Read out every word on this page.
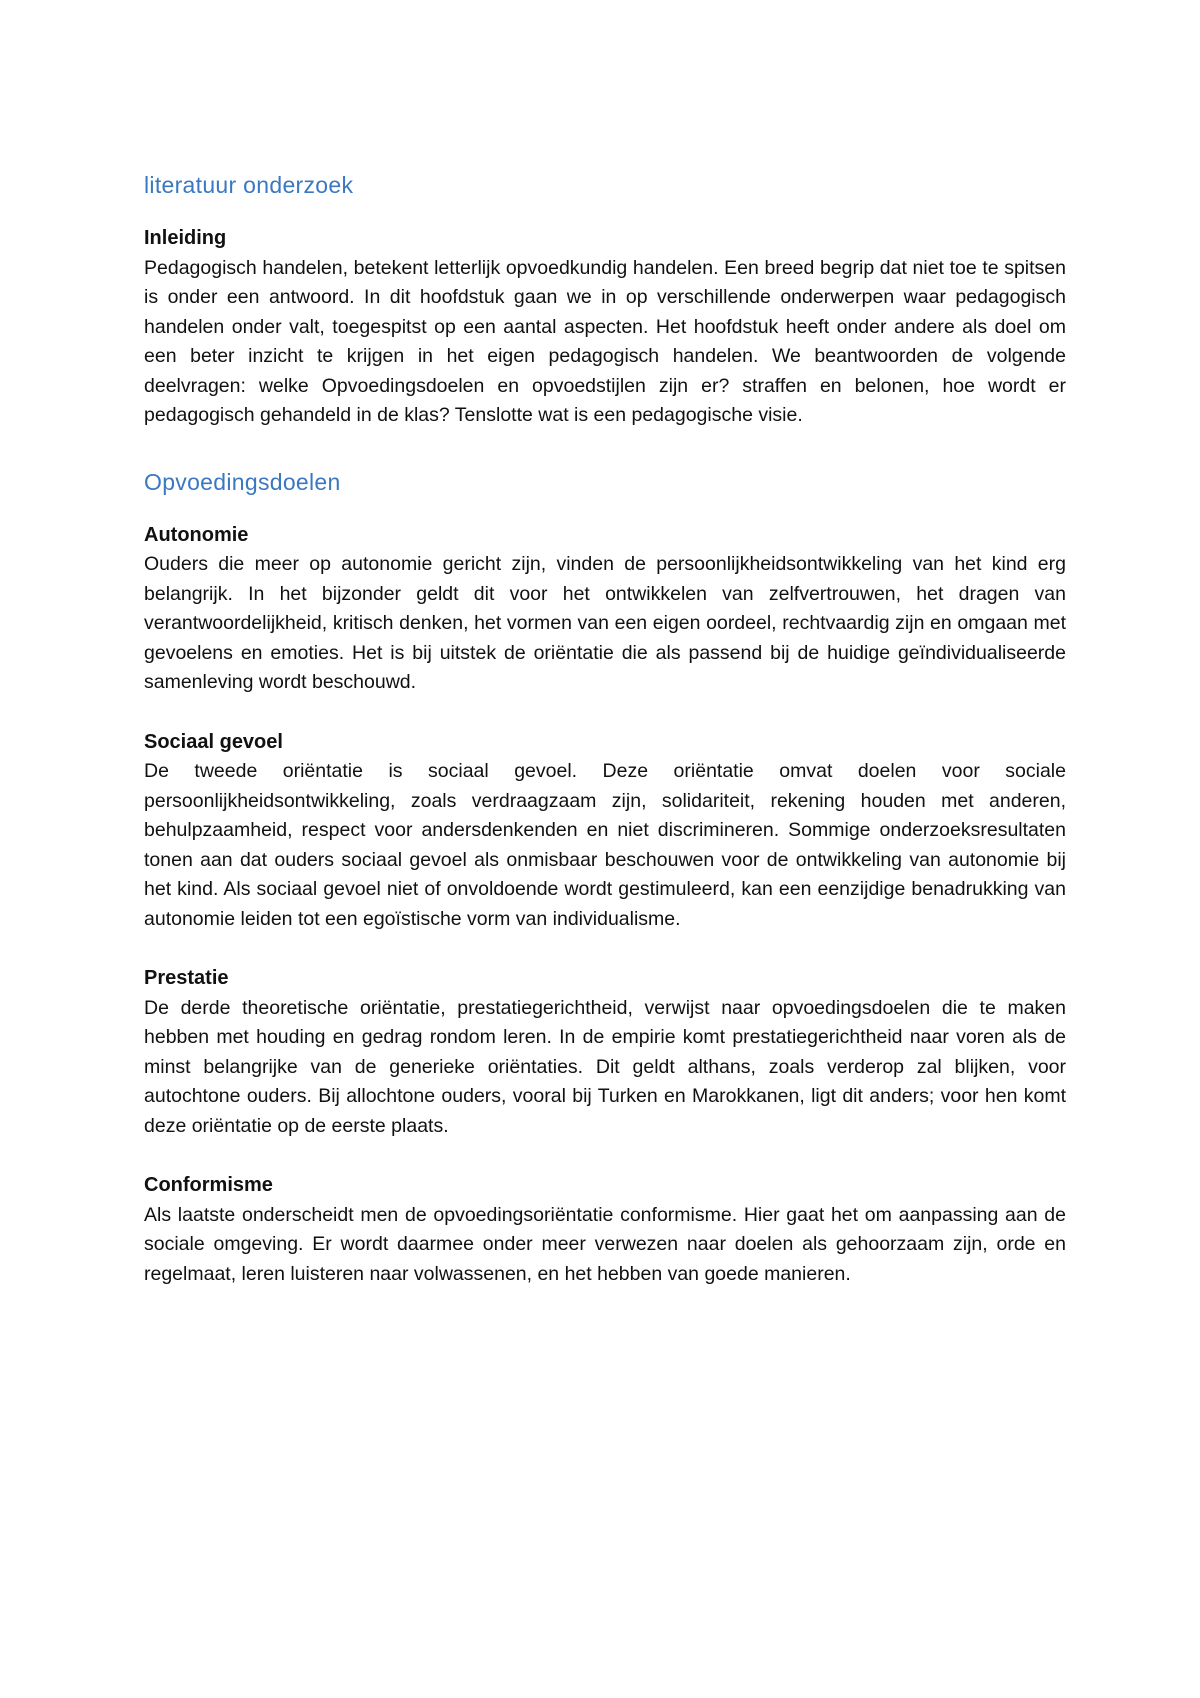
literatuur onderzoek
Inleiding

Pedagogisch handelen, betekent letterlijk opvoedkundig handelen. Een breed begrip dat niet toe te spitsen is onder een antwoord. In dit hoofdstuk gaan we in op verschillende onderwerpen waar pedagogisch handelen onder valt, toegespitst op een aantal aspecten. Het hoofdstuk heeft onder andere als doel om een beter inzicht te krijgen in het eigen pedagogisch handelen. We beantwoorden de volgende deelvragen: welke Opvoedingsdoelen en opvoedstijlen zijn er? straffen en belonen, hoe wordt er pedagogisch gehandeld in de klas? Tenslotte wat is een pedagogische visie.

Opvoedingsdoelen
Autonomie

Ouders die meer op autonomie gericht zijn, vinden de persoonlijkheidsontwikkeling van het kind erg belangrijk. In het bijzonder geldt dit voor het ontwikkelen van zelfvertrouwen, het dragen van verantwoordelijkheid, kritisch denken, het vormen van een eigen oordeel, rechtvaardig zijn en omgaan met gevoelens en emoties. Het is bij uitstek de oriëntatie die als passend bij de huidige geïndividualiseerde samenleving wordt beschouwd.

Sociaal gevoel

De tweede oriëntatie is sociaal gevoel. Deze oriëntatie omvat doelen voor sociale persoonlijkheidsontwikkeling, zoals verdraagzaam zijn, solidariteit, rekening houden met anderen, behulpzaamheid, respect voor andersdenkenden en niet discrimineren. Sommige onderzoeksresultaten tonen aan dat ouders sociaal gevoel als onmisbaar beschouwen voor de ontwikkeling van autonomie bij het kind. Als sociaal gevoel niet of onvoldoende wordt gestimuleerd, kan een eenzijdige benadrukking van autonomie leiden tot een egoïstische vorm van individualisme.

Prestatie

De derde theoretische oriëntatie, prestatiegerichtheid, verwijst naar opvoedingsdoelen die te maken hebben met houding en gedrag rondom leren. In de empirie komt prestatiegerichtheid naar voren als de minst belangrijke van de generieke oriëntaties. Dit geldt althans, zoals verderop zal blijken, voor autochtone ouders. Bij allochtone ouders, vooral bij Turken en Marokkanen, ligt dit anders; voor hen komt deze oriëntatie op de eerste plaats.

Conformisme

Als laatste onderscheidt men de opvoedingsoriëntatie conformisme. Hier gaat het om aanpassing aan de sociale omgeving. Er wordt daarmee onder meer verwezen naar doelen als gehoorzaam zijn, orde en regelmaat, leren luisteren naar volwassenen, en het hebben van goede manieren.
